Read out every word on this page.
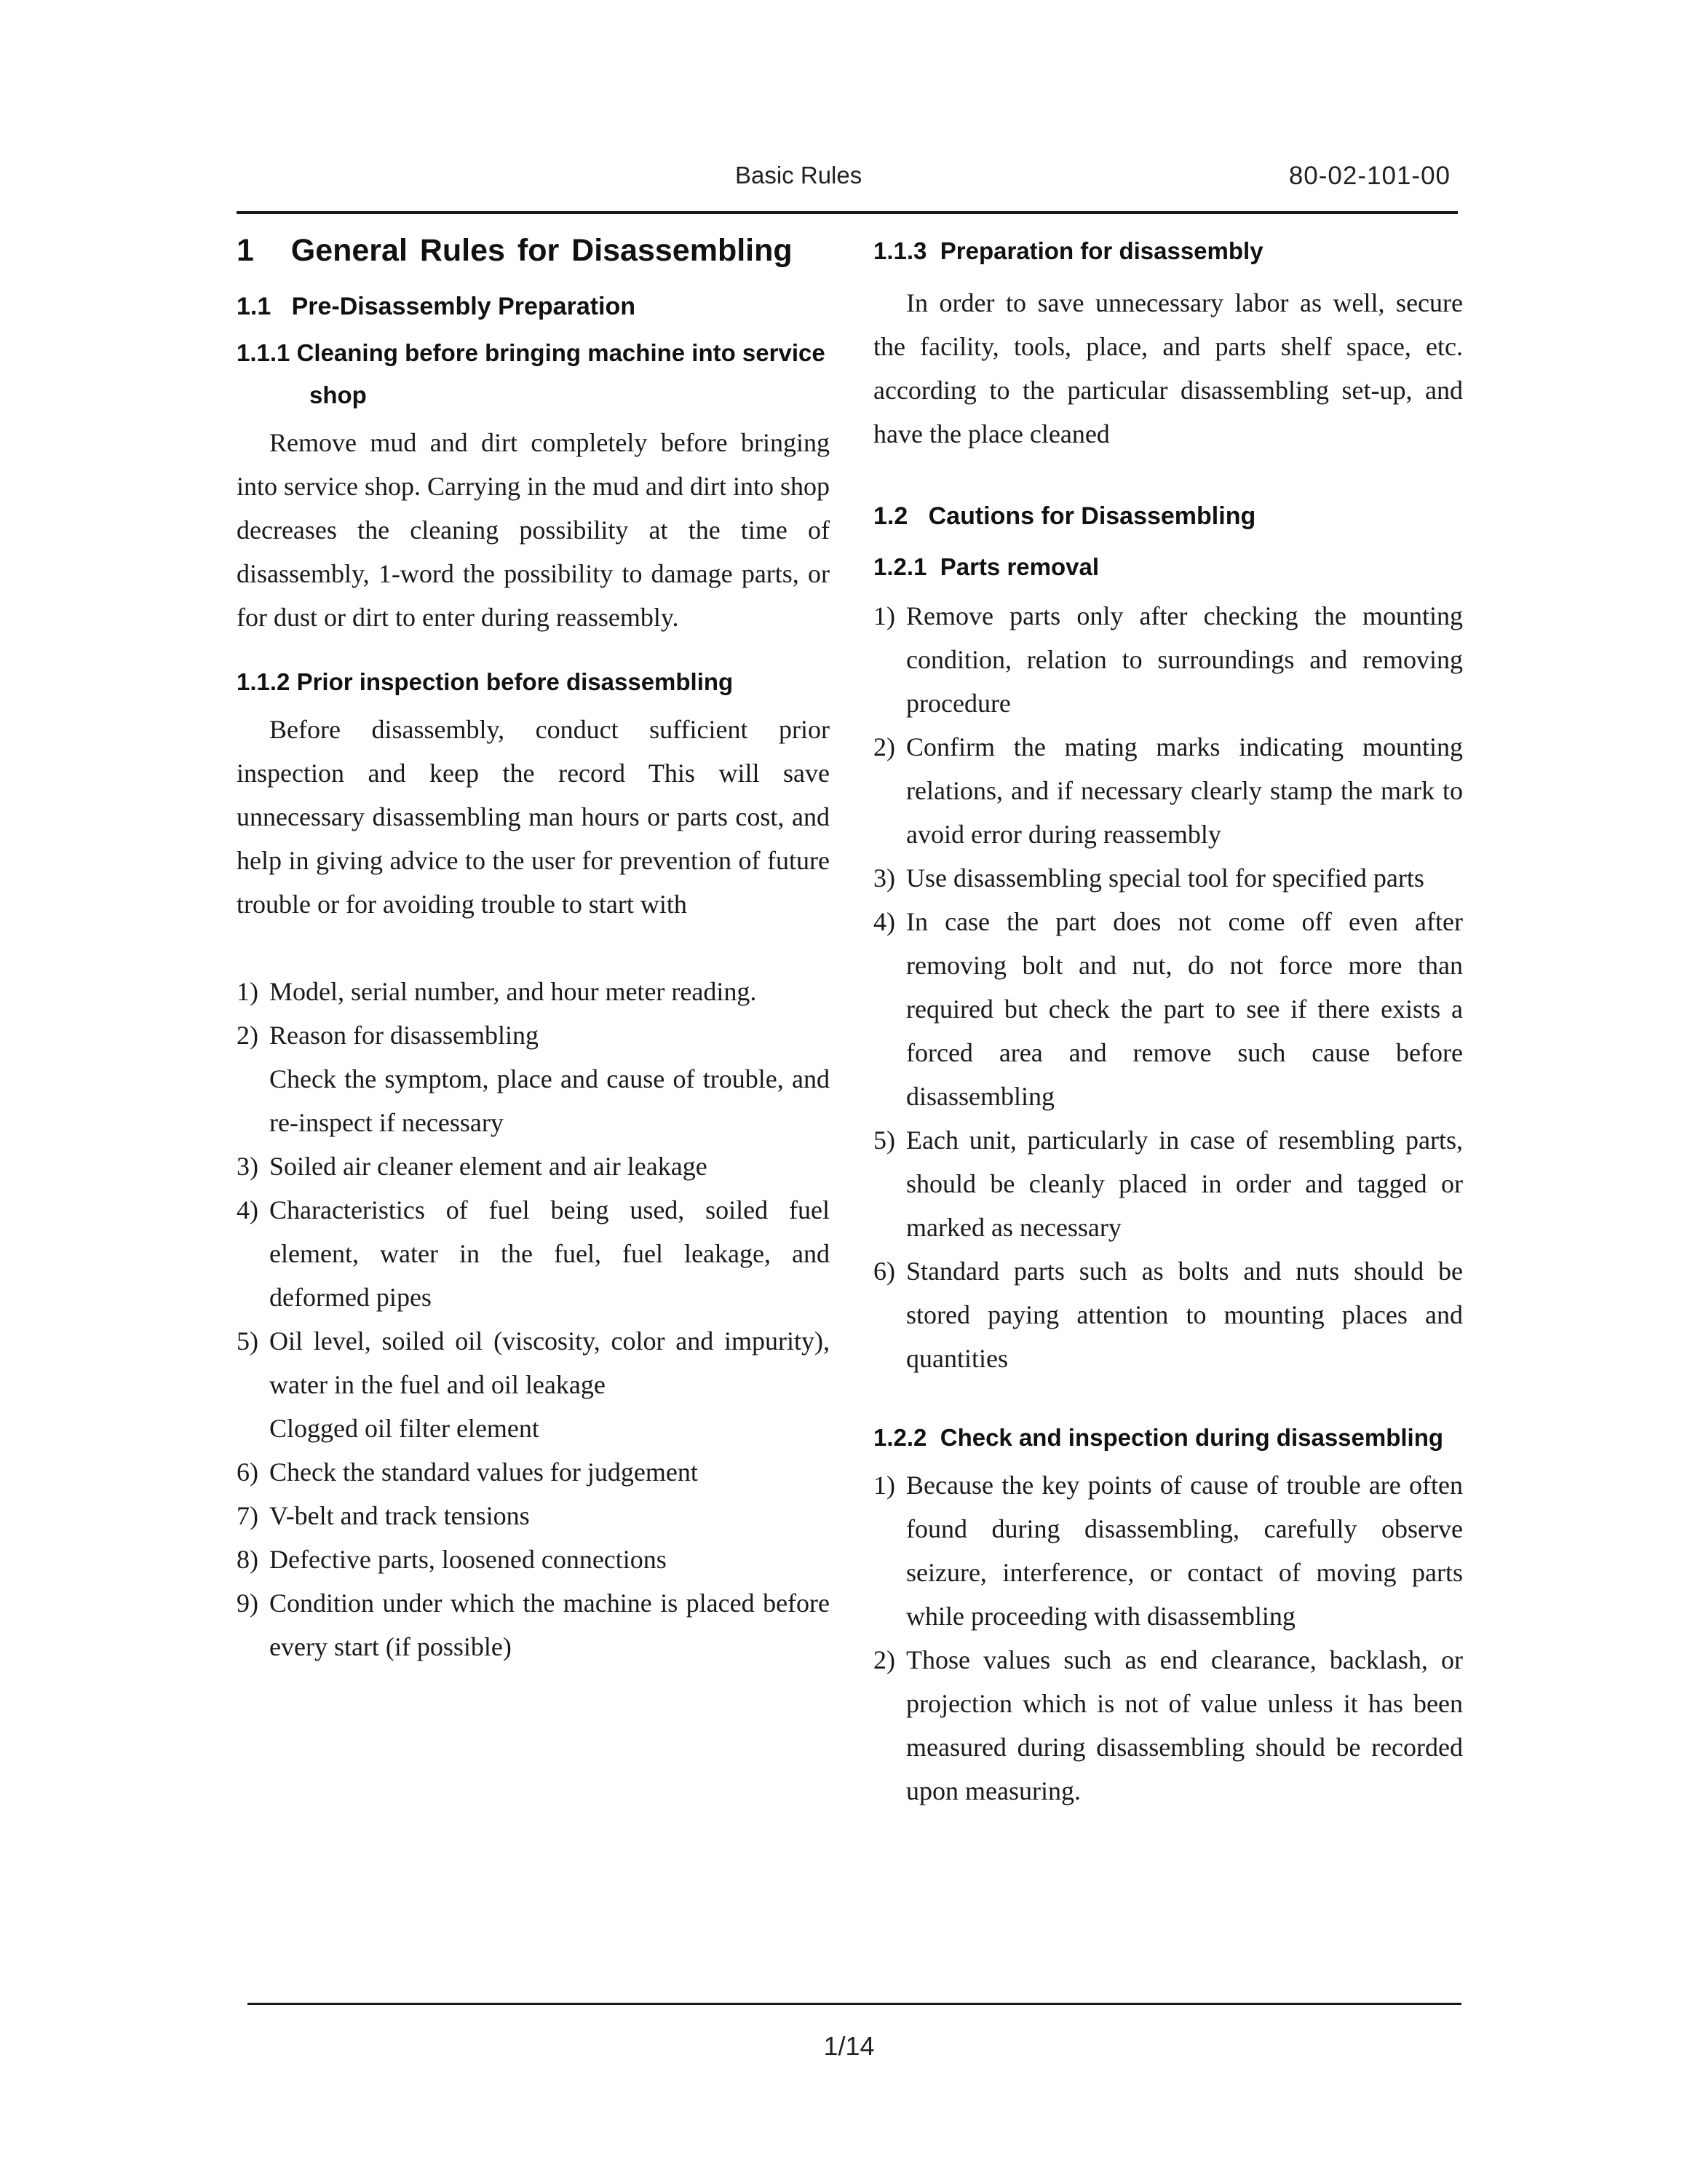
Basic Rules	80-02-101-00
1   General Rules for Disassembling
1.1   Pre-Disassembly Preparation
1.1.1 Cleaning before bringing machine into service shop

Remove mud and dirt completely before bringing into service shop. Carrying in the mud and dirt into shop decreases the cleaning possibility at the time of disassembly, 1-word the possibility to damage parts, or for dust or dirt to enter during reassembly.

1.1.2 Prior inspection before disassembling

Before disassembly, conduct sufficient prior inspection and keep the record This will save unnecessary disassembling man hours or parts cost, and help in giving advice to the user for prevention of future trouble or for avoiding trouble to start with

1) Model, serial number, and hour meter reading.
2) Reason for disassembling
Check the symptom, place and cause of trouble, and re-inspect if necessary
3) Soiled air cleaner element and air leakage
4) Characteristics of fuel being used, soiled fuel element, water in the fuel, fuel leakage, and deformed pipes
5) Oil level, soiled oil (viscosity, color and impurity), water in the fuel and oil leakage
Clogged oil filter element
6) Check the standard values for judgement
7) V-belt and track tensions
8) Defective parts, loosened connections
9) Condition under which the machine is placed before every start (if possible)
1.1.3  Preparation for disassembly

In order to save unnecessary labor as well, secure the facility, tools, place, and parts shelf space, etc. according to the particular disassembling set-up, and have the place cleaned

1.2   Cautions for Disassembling
1.2.1  Parts removal
1) Remove parts only after checking the mounting condition, relation to surroundings and removing procedure
2) Confirm the mating marks indicating mounting relations, and if necessary clearly stamp the mark to avoid error during reassembly
3) Use disassembling special tool for specified parts
4) In case the part does not come off even after removing bolt and nut, do not force more than required but check the part to see if there exists a forced area and remove such cause before disassembling
5) Each unit, particularly in case of resembling parts, should be cleanly placed in order and tagged or marked as necessary
6) Standard parts such as bolts and nuts should be stored paying attention to mounting places and quantities
1.2.2  Check and inspection during disassembling
1) Because the key points of cause of trouble are often found during disassembling, carefully observe seizure, interference, or contact of moving parts while proceeding with disassembling
2) Those values such as end clearance, backlash, or projection which is not of value unless it has been measured during disassembling should be recorded upon measuring.
1/14
